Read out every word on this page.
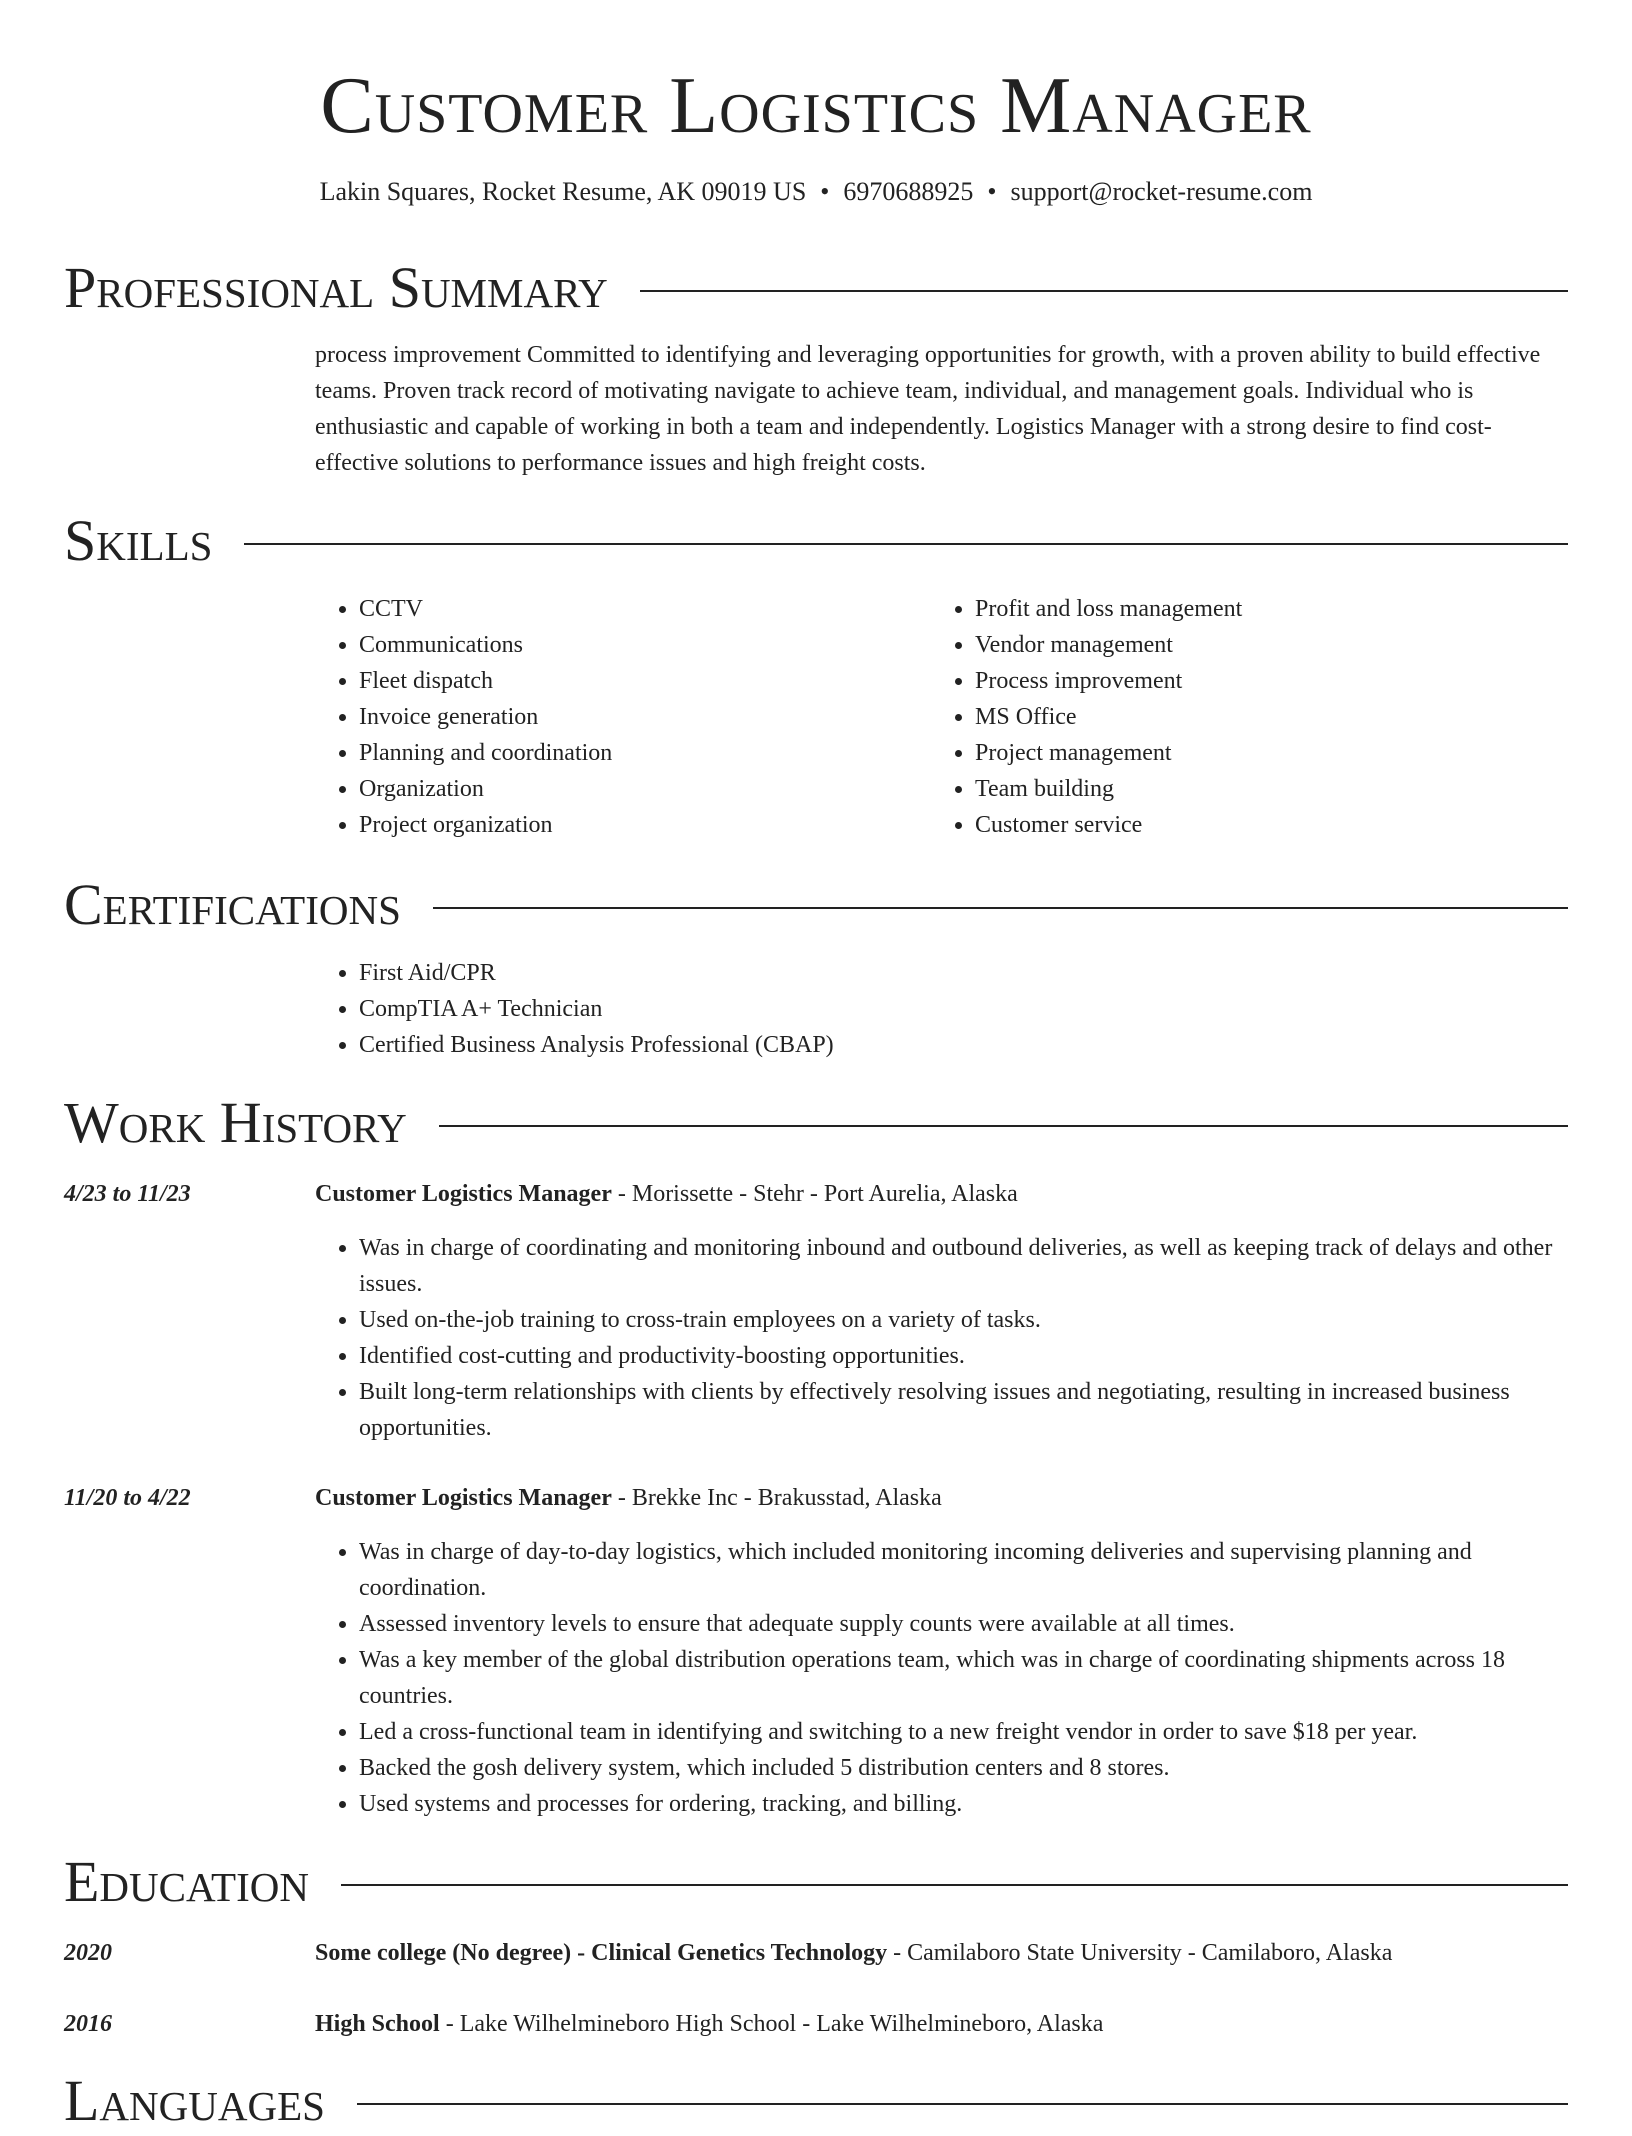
Customer Logistics Manager
Lakin Squares, Rocket Resume, AK 09019 US • 6970688925 • support@rocket-resume.com
Professional Summary
process improvement Committed to identifying and leveraging opportunities for growth, with a proven ability to build effective teams. Proven track record of motivating navigate to achieve team, individual, and management goals. Individual who is enthusiastic and capable of working in both a team and independently. Logistics Manager with a strong desire to find cost-effective solutions to performance issues and high freight costs.
Skills
• CCTV
• Communications
• Fleet dispatch
• Invoice generation
• Planning and coordination
• Organization
• Project organization
• Profit and loss management
• Vendor management
• Process improvement
• MS Office
• Project management
• Team building
• Customer service
Certifications
• First Aid/CPR
• CompTIA A+ Technician
• Certified Business Analysis Professional (CBAP)
Work History
4/23 to 11/23	Customer Logistics Manager - Morissette - Stehr - Port Aurelia, Alaska
• Was in charge of coordinating and monitoring inbound and outbound deliveries, as well as keeping track of delays and other issues.
• Used on-the-job training to cross-train employees on a variety of tasks.
• Identified cost-cutting and productivity-boosting opportunities.
• Built long-term relationships with clients by effectively resolving issues and negotiating, resulting in increased business opportunities.
11/20 to 4/22	Customer Logistics Manager - Brekke Inc - Brakusstad, Alaska
• Was in charge of day-to-day logistics, which included monitoring incoming deliveries and supervising planning and coordination.
• Assessed inventory levels to ensure that adequate supply counts were available at all times.
• Was a key member of the global distribution operations team, which was in charge of coordinating shipments across 18 countries.
• Led a cross-functional team in identifying and switching to a new freight vendor in order to save $18 per year.
• Backed the gosh delivery system, which included 5 distribution centers and 8 stores.
• Used systems and processes for ordering, tracking, and billing.
Education
2020	Some college (No degree) - Clinical Genetics Technology - Camilaboro State University - Camilaboro, Alaska
2016	High School - Lake Wilhelmineboro High School - Lake Wilhelmineboro, Alaska
Languages
